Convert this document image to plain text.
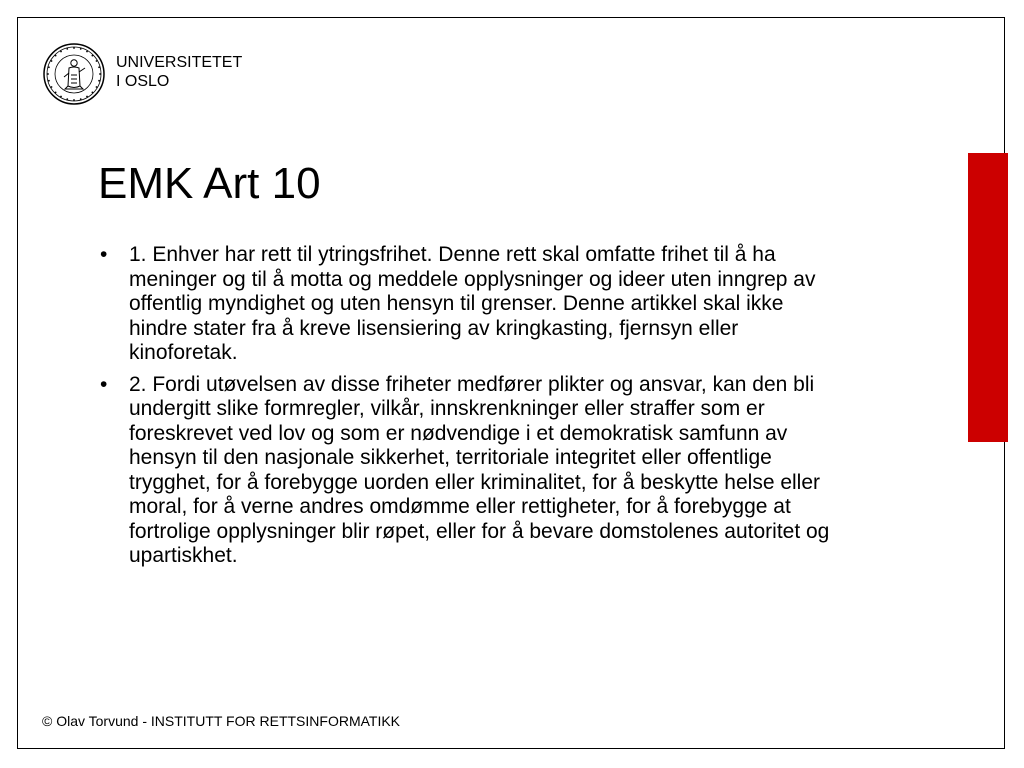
UNIVERSITETET
I OSLO
EMK Art 10
• 1. Enhver har rett til ytringsfrihet. Denne rett skal omfatte frihet til å ha meninger og til å motta og meddele opplysninger og ideer uten inngrep av offentlig myndighet og uten hensyn til grenser. Denne artikkel skal ikke hindre stater fra å kreve lisensiering av kringkasting, fjernsyn eller kinoforetak.
• 2. Fordi utøvelsen av disse friheter medfører plikter og ansvar, kan den bli undergitt slike formregler, vilkår, innskrenkninger eller straffer som er foreskrevet ved lov og som er nødvendige i et demokratisk samfunn av hensyn til den nasjonale sikkerhet, territoriale integritet eller offentlige trygghet, for å forebygge uorden eller kriminalitet, for å beskytte helse eller moral, for å verne andres omdømme eller rettigheter, for å forebygge at fortrolige opplysninger blir røpet, eller for å bevare domstolenes autoritet og upartiskhet.
© Olav Torvund - INSTITUTT FOR RETTSINFORMATIKK
